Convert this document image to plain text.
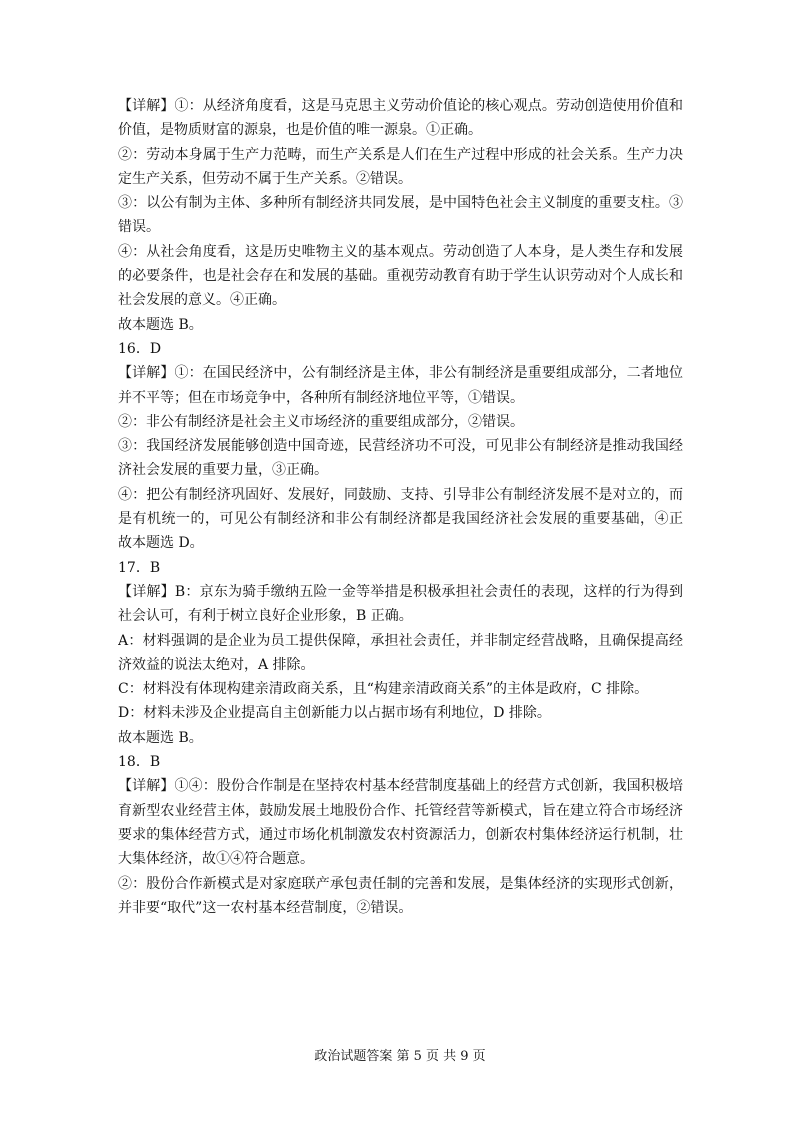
【详解】①：从经济角度看，这是马克思主义劳动价值论的核心观点。劳动创造使用价值和
价值，是物质财富的源泉，也是价值的唯一源泉。①正确。
②：劳动本身属于生产力范畴，而生产关系是人们在生产过程中形成的社会关系。生产力决
定生产关系，但劳动不属于生产关系。②错误。
③：以公有制为主体、多种所有制经济共同发展，是中国特色社会主义制度的重要支柱。③
错误。
④：从社会角度看，这是历史唯物主义的基本观点。劳动创造了人本身，是人类生存和发展
的必要条件，也是社会存在和发展的基础。重视劳动教育有助于学生认识劳动对个人成长和
社会发展的意义。④正确。
故本题选 B。
16．D
【详解】①：在国民经济中，公有制经济是主体，非公有制经济是重要组成部分，二者地位
并不平等；但在市场竞争中，各种所有制经济地位平等，①错误。
②：非公有制经济是社会主义市场经济的重要组成部分，②错误。
③：我国经济发展能够创造中国奇迹，民营经济功不可没，可见非公有制经济是推动我国经
济社会发展的重要力量，③正确。
④：把公有制经济巩固好、发展好，同鼓励、支持、引导非公有制经济发展不是对立的，而
是有机统一的，可见公有制经济和非公有制经济都是我国经济社会发展的重要基础，④正
故本题选 D。
17．B
【详解】B：京东为骑手缴纳五险一金等举措是积极承担社会责任的表现，这样的行为得到
社会认可，有利于树立良好企业形象，B 正确。
A：材料强调的是企业为员工提供保障，承担社会责任，并非制定经营战略，且确保提高经
济效益的说法太绝对，A 排除。
C：材料没有体现构建亲清政商关系，且“构建亲清政商关系”的主体是政府，C 排除。
D：材料未涉及企业提高自主创新能力以占据市场有利地位，D 排除。
故本题选 B。
18．B
【详解】①④：股份合作制是在坚持农村基本经营制度基础上的经营方式创新，我国积极培
育新型农业经营主体，鼓励发展土地股份合作、托管经营等新模式，旨在建立符合市场经济
要求的集体经营方式，通过市场化机制激发农村资源活力，创新农村集体经济运行机制，壮
大集体经济，故①④符合题意。
②：股份合作新模式是对家庭联产承包责任制的完善和发展，是集体经济的实现形式创新，
并非要“取代”这一农村基本经营制度，②错误。
政治试题答案 第 5 页 共 9 页
